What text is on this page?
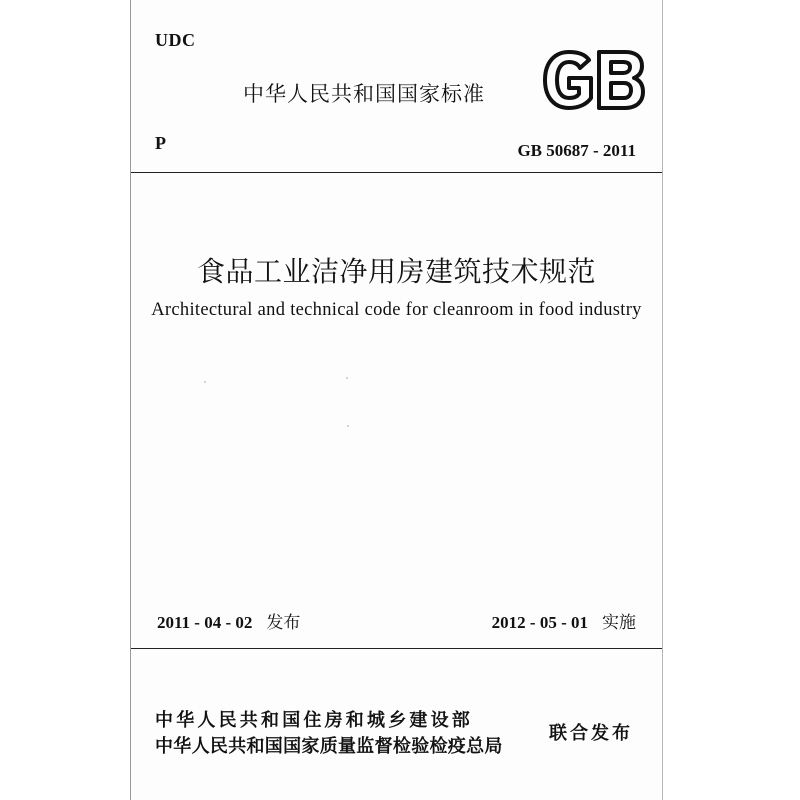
UDC
中华人民共和国国家标准
P	GB 50687 - 2011
食品工业洁净用房建筑技术规范
Architectural and technical code for cleanroom in food industry
2011 - 04 - 02 发布	2012 - 05 - 01 实施
中华人民共和国住房和城乡建设部
中华人民共和国国家质量监督检验检疫总局
联合发布
